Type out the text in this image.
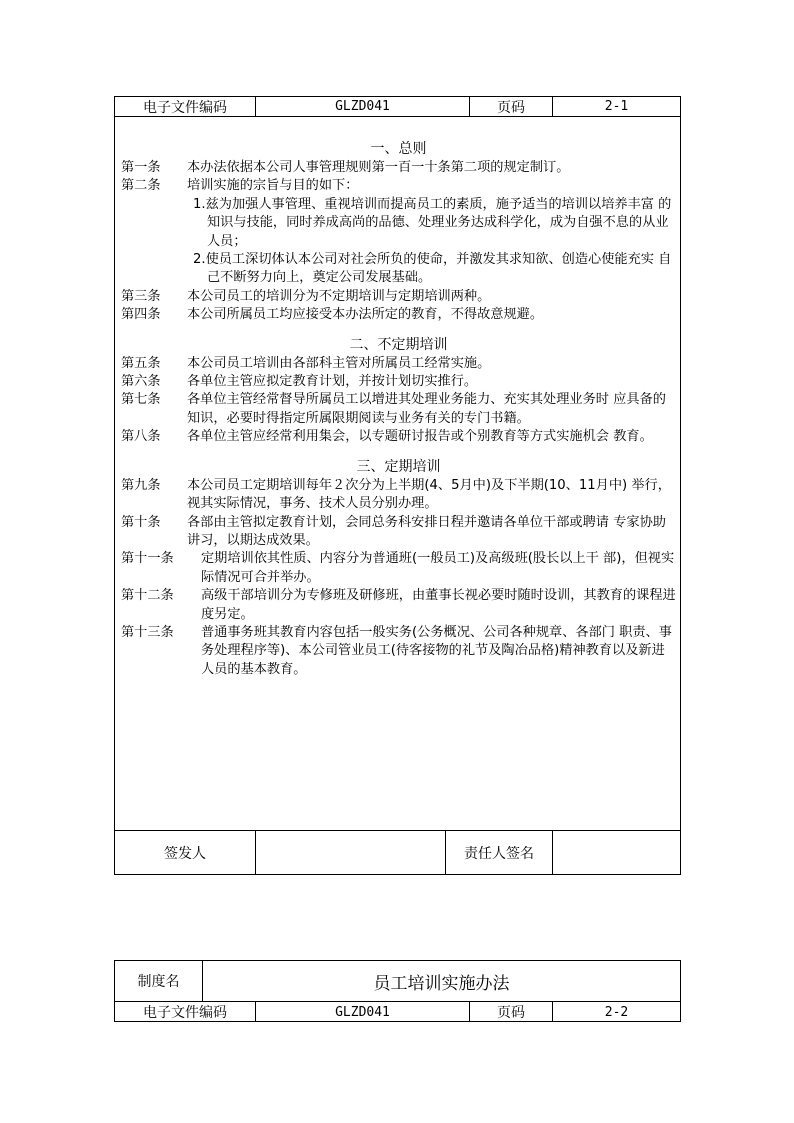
电子文件编码	GLZD041	页码	2-1
一、总则
第一条	本办法依据本公司人事管理规则第一百一十条第二项的规定制订。
第二条	培训实施的宗旨与目的如下：
1.兹为加强人事管理、重视培训而提高员工的素质，施予适当的培训以培养丰富 的知识与技能，同时养成高尚的品德、处理业务达成科学化，成为自强不息的从业人员；
2.使员工深切体认本公司对社会所负的使命，并激发其求知欲、创造心使能充实 自己不断努力向上，奠定公司发展基础。
第三条	本公司员工的培训分为不定期培训与定期培训两种。
第四条	本公司所属员工均应接受本办法所定的教育，不得故意规避。
二、不定期培训
第五条	本公司员工培训由各部科主管对所属员工经常实施。
第六条	各单位主管应拟定教育计划，并按计划切实推行。
第七条	各单位主管经常督导所属员工以增进其处理业务能力、充实其处理业务时 应具备的知识，必要时得指定所属限期阅读与业务有关的专门书籍。
第八条	各单位主管应经常利用集会，以专题研讨报告或个别教育等方式实施机会 教育。
三、定期培训
第九条	本公司员工定期培训每年２次分为上半期(4、5月中)及下半期(10、11月中) 举行，视其实际情况，事务、技术人员分别办理。
第十条	各部由主管拟定教育计划，会同总务科安排日程并邀请各单位干部或聘请 专家协助讲习，以期达成效果。
第十一条	定期培训依其性质、内容分为普通班(一般员工)及高级班(股长以上干 部)，但视实际情况可合并举办。
第十二条	高级干部培训分为专修班及研修班，由董事长视必要时随时设训，其教育的课程进度另定。
第十三条	普通事务班其教育内容包括一般实务(公务概况、公司各种规章、各部门 职责、事务处理程序等)、本公司管业员工(待客接物的礼节及陶冶品格)精神教育以及新进 人员的基本教育。
签发人	责任人签名
制度名	员工培训实施办法
电子文件编码	GLZD041	页码	2-2
